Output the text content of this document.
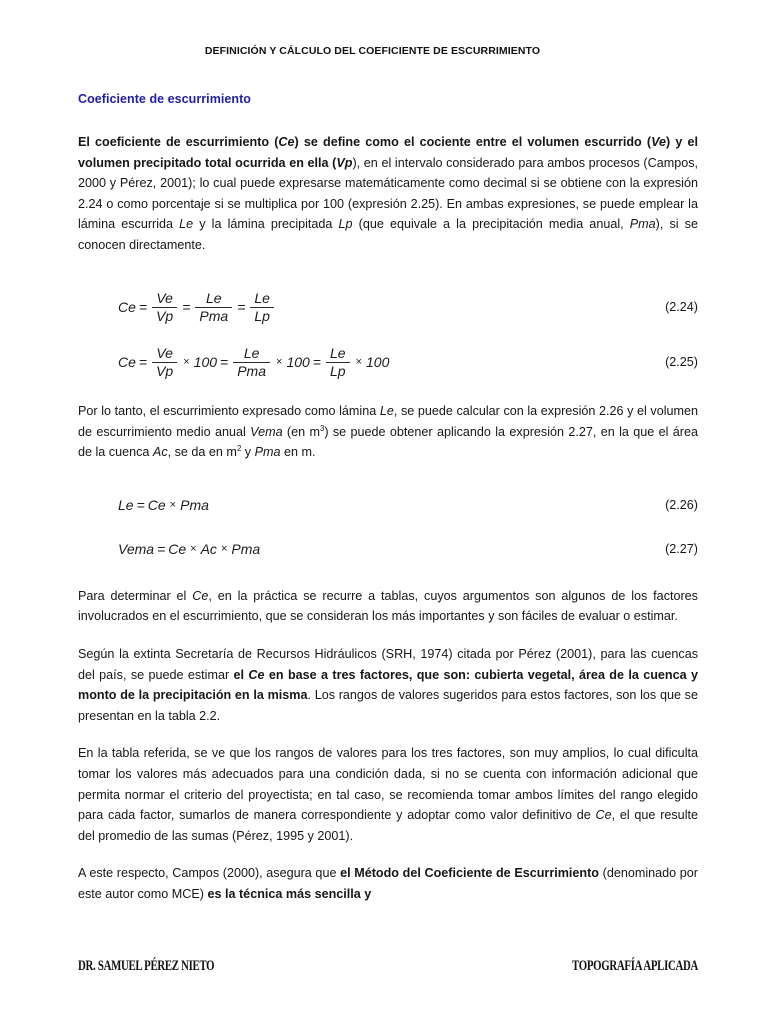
DEFINICIÓN Y CÁLCULO DEL COEFICIENTE DE ESCURRIMIENTO
Coeficiente de escurrimiento

El coeficiente de escurrimiento (Ce) se define como el cociente entre el volumen escurrido (Ve) y el volumen precipitado total ocurrida en ella (Vp), en el intervalo considerado para ambos procesos (Campos, 2000 y Pérez, 2001); lo cual puede expresarse matemáticamente como decimal si se obtiene con la expresión 2.24 o como porcentaje si se multiplica por 100 (expresión 2.25). En ambas expresiones, se puede emplear la lámina escurrida Le y la lámina precipitada Lp (que equivale a la precipitación media anual, Pma), si se conocen directamente.

$Ce = \frac{Ve}{Vp} = \frac{Le}{\text{Pma}} = \frac{Le}{Lp}$	(2.24)
$Ce = \frac{Ve}{Vp} \times 100 = \frac{Le}{\text{Pma}} \times 100 = \frac{Le}{Lp} \times 100$	(2.25)

Por lo tanto, el escurrimiento expresado como lámina Le, se puede calcular con la expresión 2.26 y el volumen de escurrimiento medio anual Vema (en $m^3$) se puede obtener aplicando la expresión 2.27, en la que el área de la cuenca Ac, se da en $m^2$ y Pma en m.

Le = Ce × Pma	(2.26)
Vema = Ce × Ac × Pma	(2.27)

Para determinar el Ce, en la práctica se recurre a tablas, cuyos argumentos son algunos de los factores involucrados en el escurrimiento, que se consideran los más importantes y son fáciles de evaluar o estimar.

Según la extinta Secretaría de Recursos Hidráulicos (SRH, 1974) citada por Pérez (2001), para las cuencas del país, se puede estimar el Ce en base a tres factores, que son: cubierta vegetal, área de la cuenca y monto de la precipitación en la misma. Los rangos de valores sugeridos para estos factores, son los que se presentan en la tabla 2.2.

En la tabla referida, se ve que los rangos de valores para los tres factores, son muy amplios, lo cual dificulta tomar los valores más adecuados para una condición dada, si no se cuenta con información adicional que permita normar el criterio del proyectista; en tal caso, se recomienda tomar ambos límites del rango elegido para cada factor, sumarlos de manera correspondiente y adoptar como valor definitivo de Ce, el que resulte del promedio de las sumas (Pérez, 1995 y 2001).

A este respecto, Campos (2000), asegura que el Método del Coeficiente de Escurrimiento (denominado por este autor como MCE) es la técnica más sencilla y

DR. SAMUEL PÉREZ NIETO	TOPOGRAFÍA APLICADA
